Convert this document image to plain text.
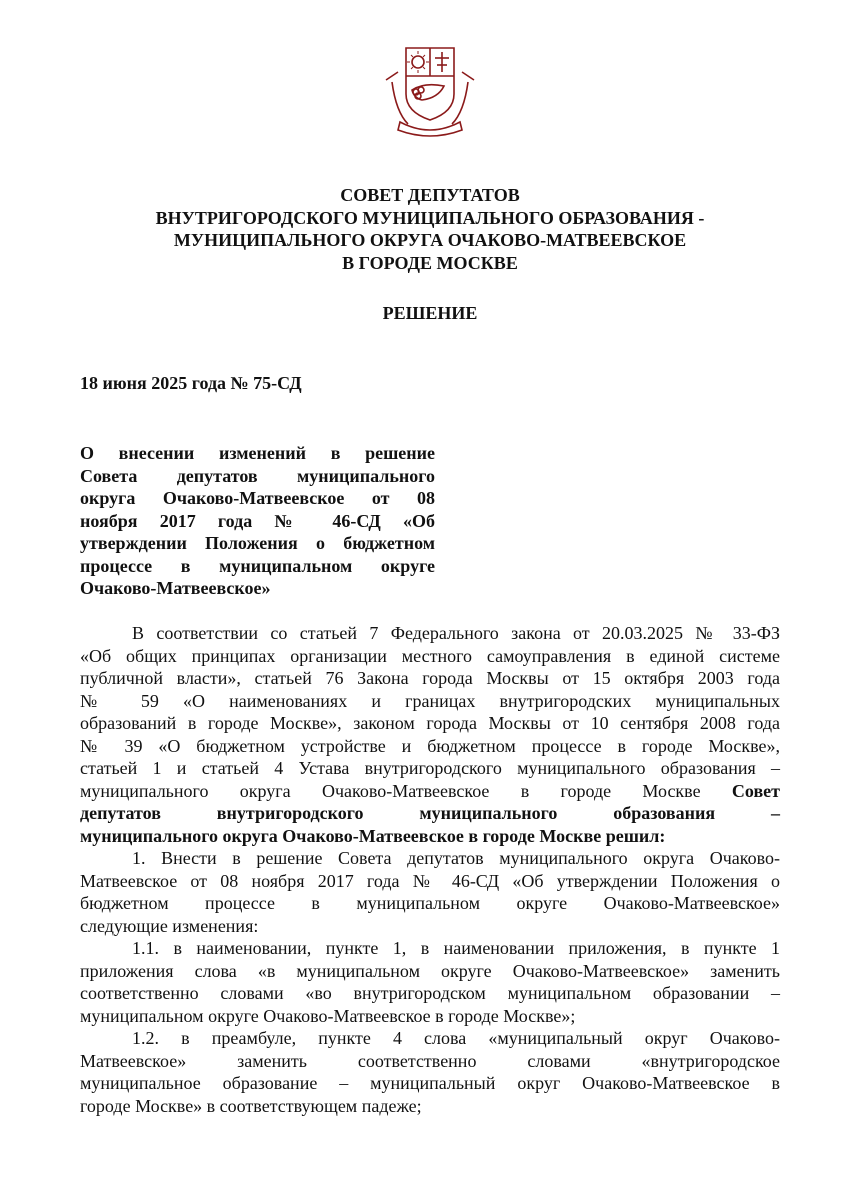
СОВЕТ ДЕПУТАТОВ
ВНУТРИГОРОДСКОГО МУНИЦИПАЛЬНОГО ОБРАЗОВАНИЯ -
МУНИЦИПАЛЬНОГО ОКРУГА ОЧАКОВО-МАТВЕЕВСКОЕ
В ГОРОДЕ МОСКВЕ
РЕШЕНИЕ
18 июня 2025 года № 75-СД
О внесении изменений в решение
Совета депутатов муниципального
округа Очаково-Матвеевское от 08
ноября 2017 года № 46-СД «Об
утверждении Положения о бюджетном
процессе в муниципальном округе
Очаково-Матвеевское»
В соответствии со статьей 7 Федерального закона от 20.03.2025 № 33-ФЗ
«Об общих принципах организации местного самоуправления в единой системе
публичной власти», статьей 76 Закона города Москвы от 15 октября 2003 года
№ 59 «О наименованиях и границах внутригородских муниципальных
образований в городе Москве», законом города Москвы от 10 сентября 2008 года
№ 39 «О бюджетном устройстве и бюджетном процессе в городе Москве»,
статьей 1 и статьей 4 Устава внутригородского муниципального образования –
муниципального округа Очаково-Матвеевское в городе Москве Совет
депутатов внутригородского муниципального образования –
муниципального округа Очаково-Матвеевское в городе Москве решил:
1. Внести в решение Совета депутатов муниципального округа Очаково-
Матвеевское от 08 ноября 2017 года № 46-СД «Об утверждении Положения о
бюджетном процессе в муниципальном округе Очаково-Матвеевское»
следующие изменения:
1.1. в наименовании, пункте 1, в наименовании приложения, в пункте 1
приложения слова «в муниципальном округе Очаково-Матвеевское» заменить
соответственно словами «во внутригородском муниципальном образовании –
муниципальном округе Очаково-Матвеевское в городе Москве»;
1.2. в преамбуле, пункте 4 слова «муниципальный округ Очаково-
Матвеевское» заменить соответственно словами «внутригородское
муниципальное образование – муниципальный округ Очаково-Матвеевское в
городе Москве» в соответствующем падеже;
